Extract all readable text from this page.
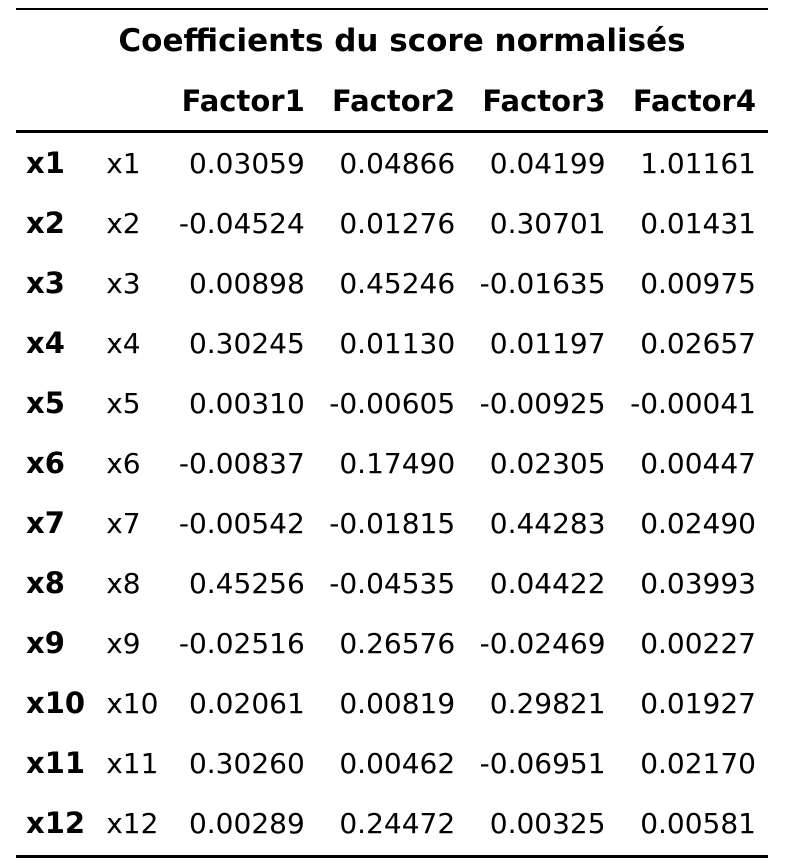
Coefficients du score normalisés
		Factor1	Factor2	Factor3	Factor4
x1	x1	0.03059	0.04866	0.04199	1.01161
x2	x2	-0.04524	0.01276	0.30701	0.01431
x3	x3	0.00898	0.45246	-0.01635	0.00975
x4	x4	0.30245	0.01130	0.01197	0.02657
x5	x5	0.00310	-0.00605	-0.00925	-0.00041
x6	x6	-0.00837	0.17490	0.02305	0.00447
x7	x7	-0.00542	-0.01815	0.44283	0.02490
x8	x8	0.45256	-0.04535	0.04422	0.03993
x9	x9	-0.02516	0.26576	-0.02469	0.00227
x10	x10	0.02061	0.00819	0.29821	0.01927
x11	x11	0.30260	0.00462	-0.06951	0.02170
x12	x12	0.00289	0.24472	0.00325	0.00581
